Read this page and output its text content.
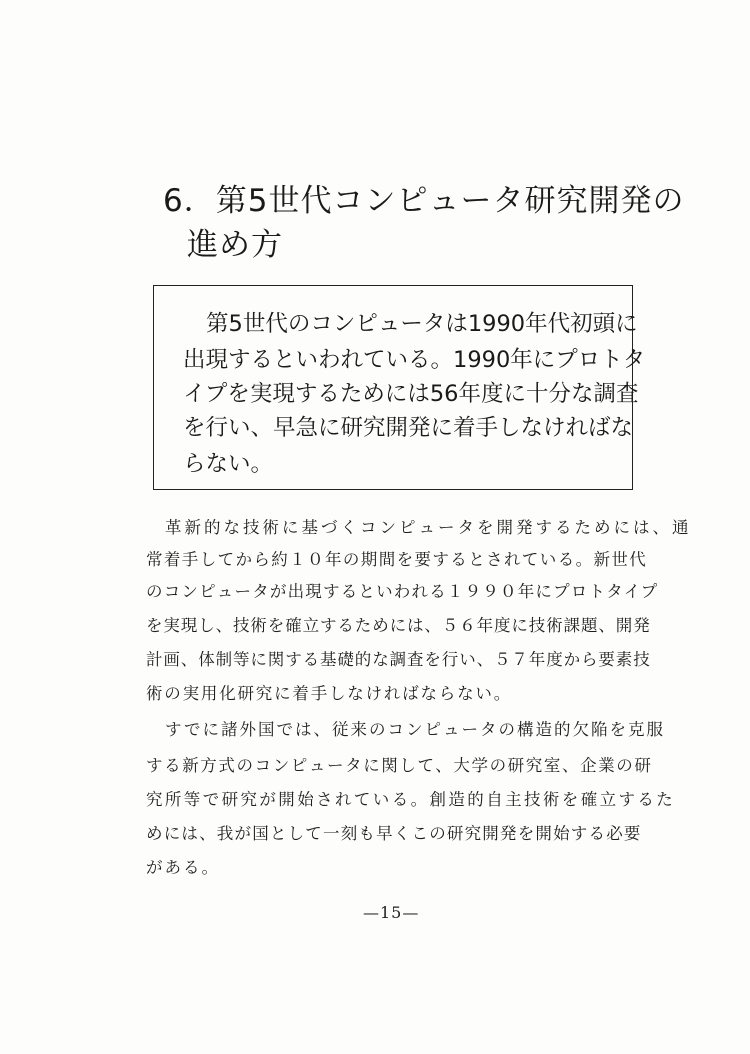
6．第5世代コンピュータ研究開発の
進め方
第5世代のコンピュータは1990年代初頭に
出現するといわれている。1990年にプロトタ
イプを実現するためには56年度に十分な調査
を行い、早急に研究開発に着手しなければな
らない。
革新的な技術に基づくコンピュータを開発するためには、通
常着手してから約１０年の期間を要するとされている。新世代
のコンピュータが出現するといわれる１９９０年にプロトタイプ
を実現し、技術を確立するためには、５６年度に技術課題、開発
計画、体制等に関する基礎的な調査を行い、５７年度から要素技
術の実用化研究に着手しなければならない。
すでに諸外国では、従来のコンピュータの構造的欠陥を克服
する新方式のコンピュータに関して、大学の研究室、企業の研
究所等で研究が開始されている。創造的自主技術を確立するた
めには、我が国として一刻も早くこの研究開発を開始する必要
がある。
—15—
